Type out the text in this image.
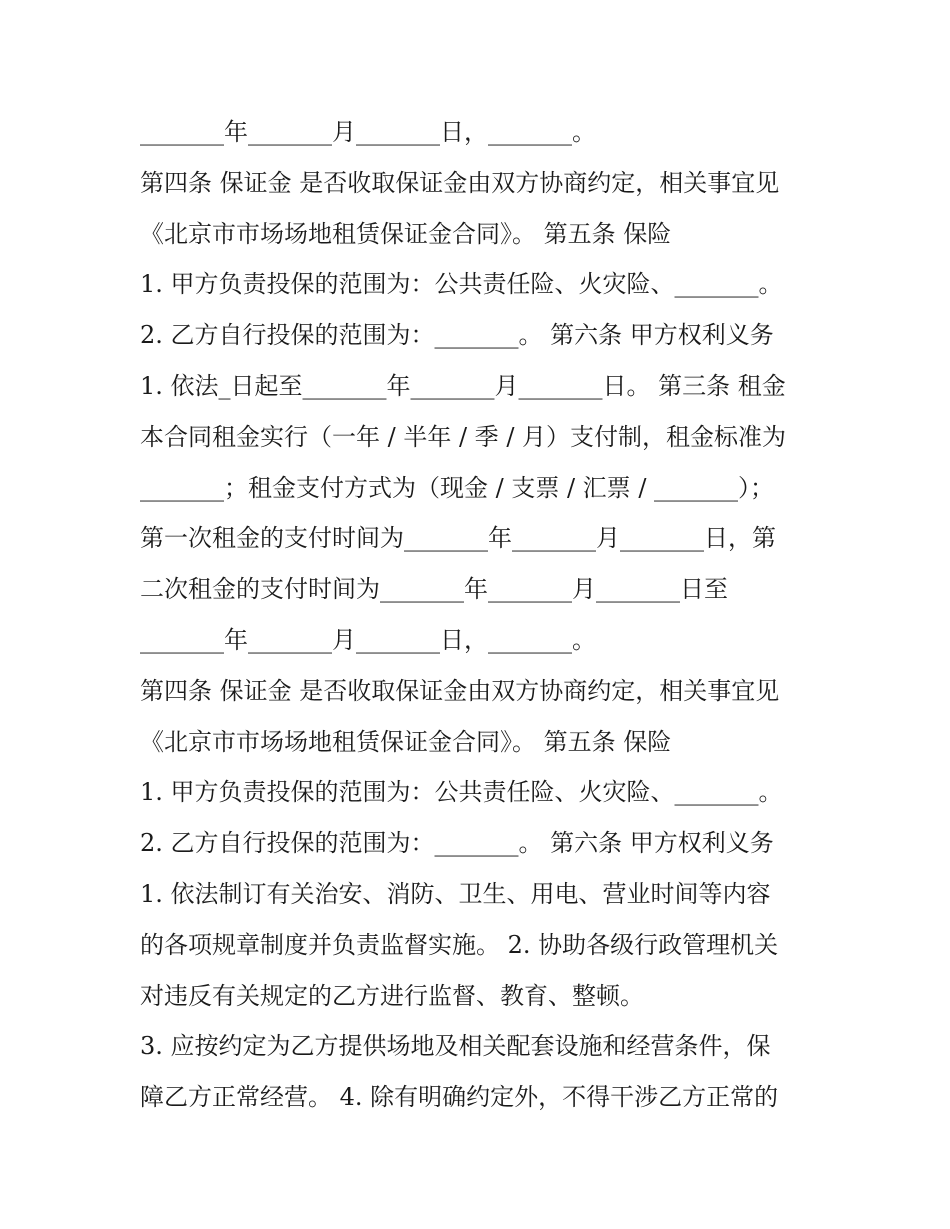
_______年_______月_______日，_______。
第四条 保证金 是否收取保证金由双方协商约定，相关事宜见
《北京市市场场地租赁保证金合同》。 第五条 保险
1. 甲方负责投保的范围为：公共责任险、火灾险、_______。
2. 乙方自行投保的范围为：_______。 第六条 甲方权利义务
1. 依法_日起至_______年_______月_______日。 第三条 租金
本合同租金实行（一年 / 半年 / 季 / 月）支付制，租金标准为
_______；租金支付方式为（现金 / 支票 / 汇票 / _______）；
第一次租金的支付时间为_______年_______月_______日，第
二次租金的支付时间为_______年_______月_______日至
_______年_______月_______日，_______。
第四条 保证金 是否收取保证金由双方协商约定，相关事宜见
《北京市市场场地租赁保证金合同》。 第五条 保险
1. 甲方负责投保的范围为：公共责任险、火灾险、_______。
2. 乙方自行投保的范围为：_______。 第六条 甲方权利义务
1. 依法制订有关治安、消防、卫生、用电、营业时间等内容
的各项规章制度并负责监督实施。 2. 协助各级行政管理机关
对违反有关规定的乙方进行监督、教育、整顿。
3. 应按约定为乙方提供场地及相关配套设施和经营条件，保
障乙方正常经营。 4. 除有明确约定外，不得干涉乙方正常的
